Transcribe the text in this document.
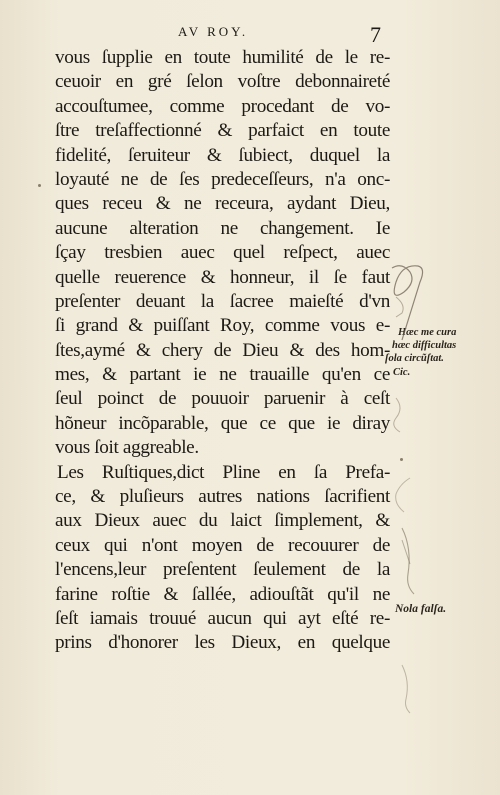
AV ROY.	7
vous ſupplie en toute humilité de le re-
ceuoir en gré ſelon voſtre debonnaireté
accouſtumee, comme procedant de vo-
ſtre treſaffectionné & parfaict en toute
fidelité, ſeruiteur & ſubiect, duquel la
loyauté ne de ſes predeceſſeurs, n'a onc-
ques receu & ne receura, aydant Dieu,
aucune alteration ne changement. Ie
ſçay tresbien auec quel reſpect, auec
quelle reuerence & honneur, il ſe faut
preſenter deuant la ſacree maieſté d'vn
ſi grand & puiſſant Roy, comme vous e-
ſtes,aymé & chery de Dieu & des hom-
mes, & partant ie ne trauaille qu'en ce
ſeul poinct de pouuoir paruenir à ceſt
hõneur incõparable, que ce que ie diray
vous ſoit aggreable.
Les Ruſtiques,dict Pline en ſa Prefa-
ce, & pluſieurs autres nations ſacrifient
aux Dieux auec du laict ſimplement, &
ceux qui n'ont moyen de recouurer de
l'encens,leur preſentent ſeulement de la
farine roſtie & ſallée, adiouſtãt qu'il ne
ſeſt iamais trouué aucun qui ayt eſté re-
prins d'honorer les Dieux, en quelque
Hæc me cura
hæc difficultas
ſola circũſtat.
Cic.
Nola falſa.
